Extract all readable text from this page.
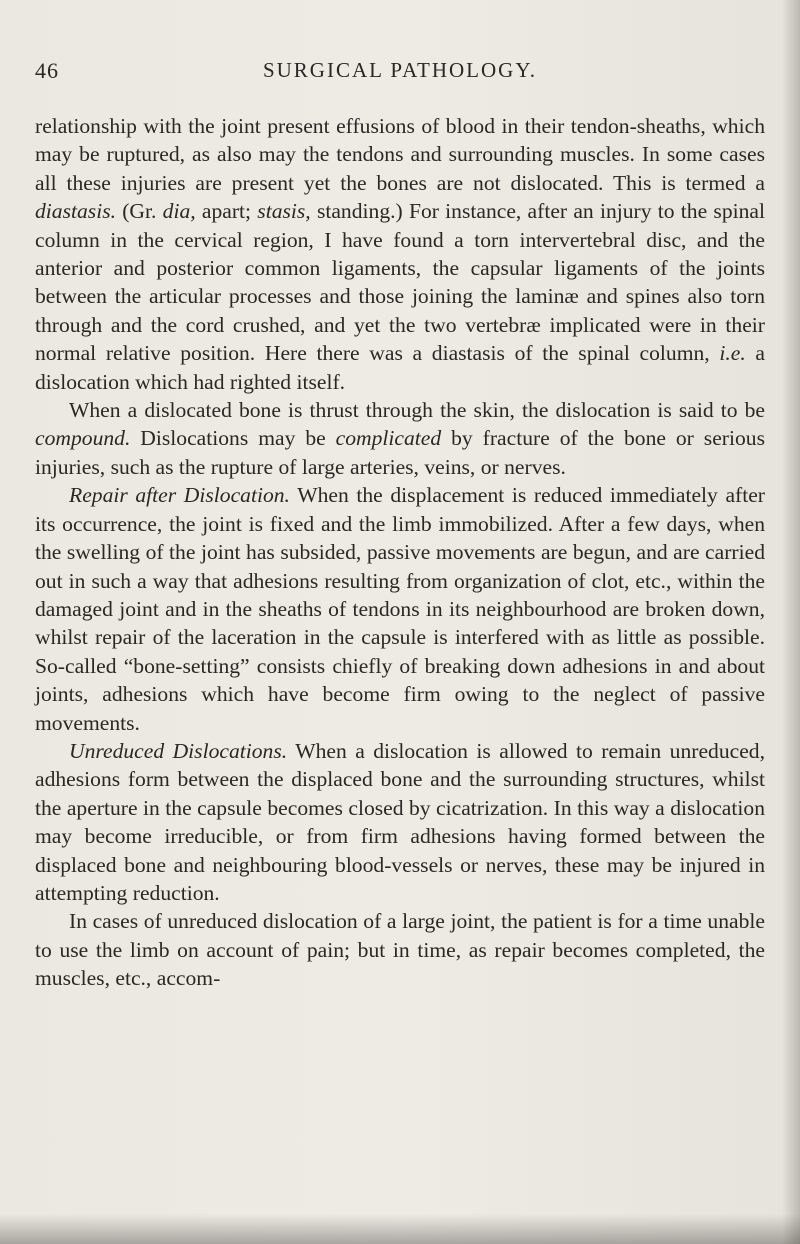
46	SURGICAL PATHOLOGY.

relationship with the joint present effusions of blood in their tendon-sheaths, which may be ruptured, as also may the tendons and surrounding muscles. In some cases all these injuries are present yet the bones are not dislocated. This is termed a diastasis. (Gr. dia, apart; stasis, standing.) For instance, after an injury to the spinal column in the cervical region, I have found a torn intervertebral disc, and the anterior and posterior common ligaments, the capsular ligaments of the joints between the articular processes and those joining the laminæ and spines also torn through and the cord crushed, and yet the two vertebræ implicated were in their normal relative position. Here there was a diastasis of the spinal column, i.e. a dislocation which had righted itself.

When a dislocated bone is thrust through the skin, the dislocation is said to be compound. Dislocations may be complicated by fracture of the bone or serious injuries, such as the rupture of large arteries, veins, or nerves.

Repair after Dislocation. When the displacement is reduced immediately after its occurrence, the joint is fixed and the limb immobilized. After a few days, when the swelling of the joint has subsided, passive movements are begun, and are carried out in such a way that adhesions resulting from organization of clot, etc., within the damaged joint and in the sheaths of tendons in its neighbourhood are broken down, whilst repair of the laceration in the capsule is interfered with as little as possible. So-called “bone-setting” consists chiefly of breaking down adhesions in and about joints, adhesions which have become firm owing to the neglect of passive movements.

Unreduced Dislocations. When a dislocation is allowed to remain unreduced, adhesions form between the displaced bone and the surrounding structures, whilst the aperture in the capsule becomes closed by cicatrization. In this way a dislocation may become irreducible, or from firm adhesions having formed between the displaced bone and neighbouring blood-vessels or nerves, these may be injured in attempting reduction.

In cases of unreduced dislocation of a large joint, the patient is for a time unable to use the limb on account of pain; but in time, as repair becomes completed, the muscles, etc., accom-
